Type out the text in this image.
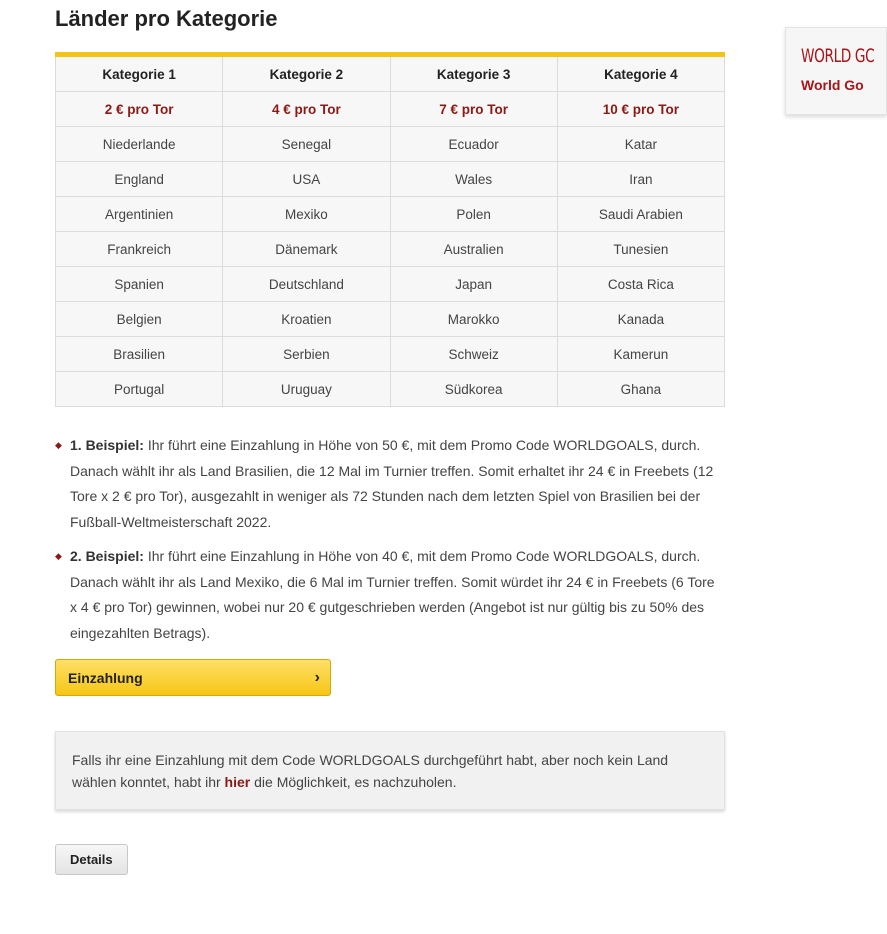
Länder pro Kategorie
Kategorie 1	Kategorie 2	Kategorie 3	Kategorie 4
2 € pro Tor	4 € pro Tor	7 € pro Tor	10 € pro Tor
Niederlande	Senegal	Ecuador	Katar
England	USA	Wales	Iran
Argentinien	Mexiko	Polen	Saudi Arabien
Frankreich	Dänemark	Australien	Tunesien
Spanien	Deutschland	Japan	Costa Rica
Belgien	Kroatien	Marokko	Kanada
Brasilien	Serbien	Schweiz	Kamerun
Portugal	Uruguay	Südkorea	Ghana

◆ 1. Beispiel: Ihr führt eine Einzahlung in Höhe von 50 €, mit dem Promo Code WORLDGOALS, durch. Danach wählt ihr als Land Brasilien, die 12 Mal im Turnier treffen. Somit erhaltet ihr 24 € in Freebets (12 Tore x 2 € pro Tor), ausgezahlt in weniger als 72 Stunden nach dem letzten Spiel von Brasilien bei der Fußball-Weltmeisterschaft 2022.

◆ 2. Beispiel: Ihr führt eine Einzahlung in Höhe von 40 €, mit dem Promo Code WORLDGOALS, durch. Danach wählt ihr als Land Mexiko, die 6 Mal im Turnier treffen. Somit würdet ihr 24 € in Freebets (6 Tore x 4 € pro Tor) gewinnen, wobei nur 20 € gutgeschrieben werden (Angebot ist nur gültig bis zu 50% des eingezahlten Betrags).

Einzahlung	›
Falls ihr eine Einzahlung mit dem Code WORLDGOALS durchgeführt habt, aber noch kein Land wählen konntet, habt ihr hier die Möglichkeit, es nachzuholen.
Details
WORLD GC
World Go
